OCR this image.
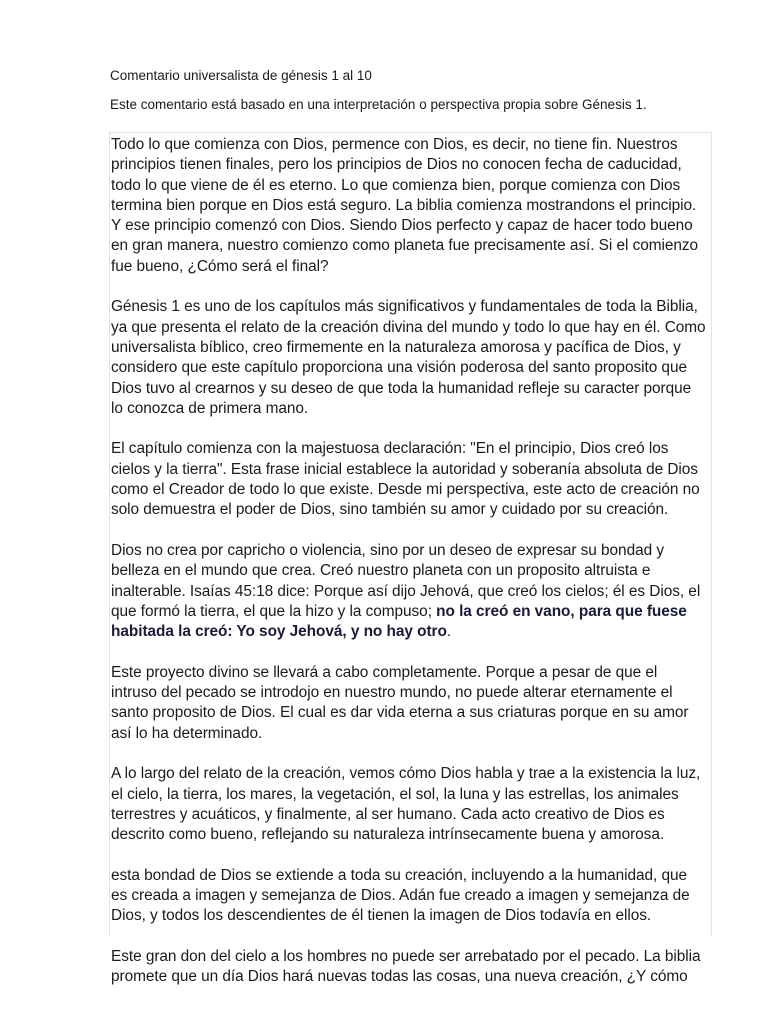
Comentario universalista de génesis 1 al 10
Este comentario está basado en una interpretación o perspectiva propia sobre Génesis 1.

Todo lo que comienza con Dios, permence con Dios, es decir, no tiene fin. Nuestros
principios tienen finales, pero los principios de Dios no conocen fecha de caducidad,
todo lo que viene de él es eterno. Lo que comienza bien, porque comienza con Dios
termina bien porque en Dios está seguro. La biblia comienza mostrandons el principio.
Y ese principio comenzó con Dios. Siendo Dios perfecto y capaz de hacer todo bueno
en gran manera, nuestro comienzo como planeta fue precisamente así. Si el comienzo
fue bueno, ¿Cómo será el final?

Génesis 1 es uno de los capítulos más significativos y fundamentales de toda la Biblia,
ya que presenta el relato de la creación divina del mundo y todo lo que hay en él. Como
universalista bíblico, creo firmemente en la naturaleza amorosa y pacífica de Dios, y
considero que este capítulo proporciona una visión poderosa del santo proposito que
Dios tuvo al crearnos y su deseo de que toda la humanidad refleje su caracter porque
lo conozca de primera mano.

El capítulo comienza con la majestuosa declaración: "En el principio, Dios creó los
cielos y la tierra". Esta frase inicial establece la autoridad y soberanía absoluta de Dios
como el Creador de todo lo que existe. Desde mi perspectiva, este acto de creación no
solo demuestra el poder de Dios, sino también su amor y cuidado por su creación.

Dios no crea por capricho o violencia, sino por un deseo de expresar su bondad y
belleza en el mundo que crea. Creó nuestro planeta con un proposito altruista e
inalterable. Isaías 45:18 dice: Porque así dijo Jehová, que creó los cielos; él es Dios, el
que formó la tierra, el que la hizo y la compuso; no la creó en vano, para que fuese
habitada la creó: Yo soy Jehová, y no hay otro.

Este proyecto divino se llevará a cabo completamente. Porque a pesar de que el
intruso del pecado se introdojo en nuestro mundo, no puede alterar eternamente el
santo proposito de Dios. El cual es dar vida eterna a sus criaturas porque en su amor
así lo ha determinado.

A lo largo del relato de la creación, vemos cómo Dios habla y trae a la existencia la luz,
el cielo, la tierra, los mares, la vegetación, el sol, la luna y las estrellas, los animales
terrestres y acuáticos, y finalmente, al ser humano. Cada acto creativo de Dios es
descrito como bueno, reflejando su naturaleza intrínsecamente buena y amorosa.

esta bondad de Dios se extiende a toda su creación, incluyendo a la humanidad, que
es creada a imagen y semejanza de Dios. Adán fue creado a imagen y semejanza de
Dios, y todos los descendientes de él tienen la imagen de Dios todavía en ellos.

Este gran don del cielo a los hombres no puede ser arrebatado por el pecado. La biblia
promete que un día Dios hará nuevas todas las cosas, una nueva creación, ¿Y cómo
